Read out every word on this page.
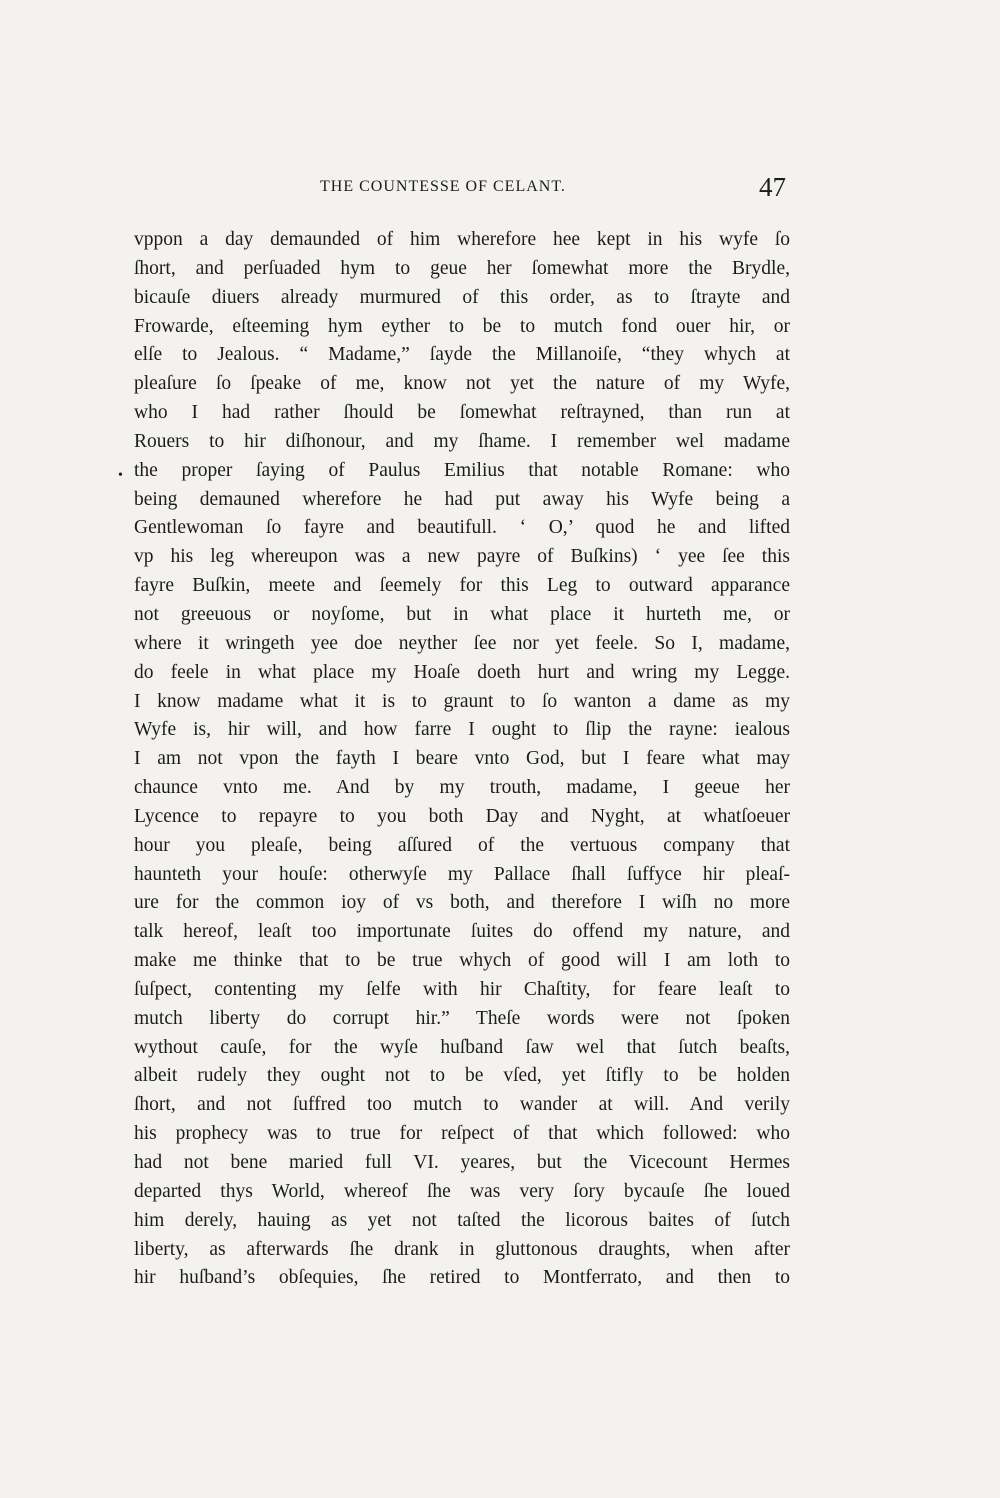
THE COUNTESSE OF CELANT.	47
•
vppon a day demaunded of him wherefore hee kept in his wyfe ſo
ſhort, and perſuaded hym to geue her ſomewhat more the Brydle,
bicauſe diuers already murmured of this order, as to ſtrayte and
Frowarde, eſteeming hym eyther to be to mutch fond ouer hir, or
elſe to Jealous. “ Madame,” ſayde the Millanoiſe, “they whych at
pleaſure ſo ſpeake of me, know not yet the nature of my Wyfe,
who I had rather ſhould be ſomewhat reſtrayned, than run at
Rouers to hir diſhonour, and my ſhame. I remember wel madame
the proper ſaying of Paulus Emilius that notable Romane: who
being demauned wherefore he had put away his Wyfe being a
Gentlewoman ſo fayre and beautifull. ‘ O,’ quod he and lifted
vp his leg whereupon was a new payre of Buſkins) ‘ yee ſee this
fayre Buſkin, meete and ſeemely for this Leg to outward apparance
not greeuous or noyſome, but in what place it hurteth me, or
where it wringeth yee doe neyther ſee nor yet feele. So I, madame,
do feele in what place my Hoaſe doeth hurt and wring my Legge.
I know madame what it is to graunt to ſo wanton a dame as my
Wyfe is, hir will, and how farre I ought to ſlip the rayne: iealous
I am not vpon the fayth I beare vnto God, but I feare what may
chaunce vnto me. And by my trouth, madame, I geeue her
Lycence to repayre to you both Day and Nyght, at whatſoeuer
hour you pleaſe, being aſſured of the vertuous company that
haunteth your houſe: otherwyſe my Pallace ſhall ſuffyce hir pleaſ-
ure for the common ioy of vs both, and therefore I wiſh no more
talk hereof, leaſt too importunate ſuites do offend my nature, and
make me thinke that to be true whych of good will I am loth to
ſuſpect, contenting my ſelfe with hir Chaſtity, for feare leaſt to
mutch liberty do corrupt hir.” Theſe words were not ſpoken
wythout cauſe, for the wyſe huſband ſaw wel that ſutch beaſts,
albeit rudely they ought not to be vſed, yet ſtifly to be holden
ſhort, and not ſuffred too mutch to wander at will. And verily
his prophecy was to true for reſpect of that which followed: who
had not bene maried full VI. yeares, but the Vicecount Hermes
departed thys World, whereof ſhe was very ſory bycauſe ſhe loued
him derely, hauing as yet not taſted the licorous baites of ſutch
liberty, as afterwards ſhe drank in gluttonous draughts, when after
hir huſband’s obſequies, ſhe retired to Montferrato, and then to
